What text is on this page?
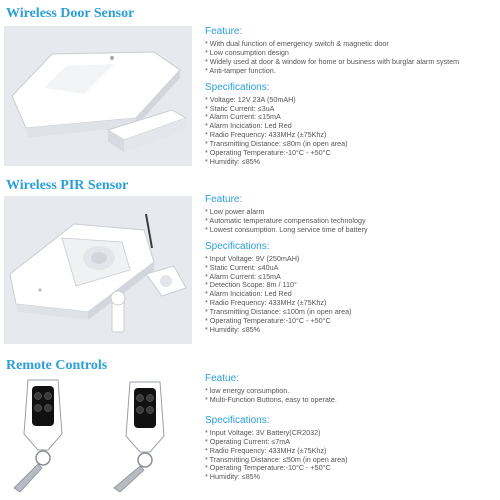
Wireless Door Sensor

Feature:

* With dual function of emergency switch & magnetic door
* Low consumption design
* Widely used at door & window for home or business with burglar alarm system
* Anti-tamper function.

Specifications:

* Voltage: 12V 23A (50mAH)
* Static Current: ≤3uA
* Alarm Current: ≤15mA
* Alarm Incication: Led Red
* Radio Frequency: 433MHz (±75Khz)
* Transmitting Distance: ≤80m (in open area)
* Operating Temperature:-10°C - +50°C
* Humidity: ≤85%
Wireless PIR Sensor

Feature:

* Low power alarm
* Automatic temperature compensation technology
* Lowest consumption. Long service time of battery

Specifications:

* Input Voltage: 9V (250mAH)
* Static Current: ≤40uA
* Alarm Current: ≤15mA
* Detection Scope: 8m / 110°
* Alarm Incication: Led Red
* Radio Frequency: 433MHz (±75Khz)
* Transmitting Distance: ≤100m (in open area)
* Operating Temperature:-10°C - +50°C
* Humidity: ≤85%
Remote Controls

Featue:

* low energy consumption.
* Multi-Function Buttons, easy to operate.

Specifications:

* Input Voltage: 3V Battery(CR2032)
* Operating Current: ≤7mA
* Radio Frequency: 433MHz (±75Khz)
* Transmitting Distance: ≤50m (in open area)
* Operating Temperature:-10°C - +50°C
* Humidity: ≤85%
